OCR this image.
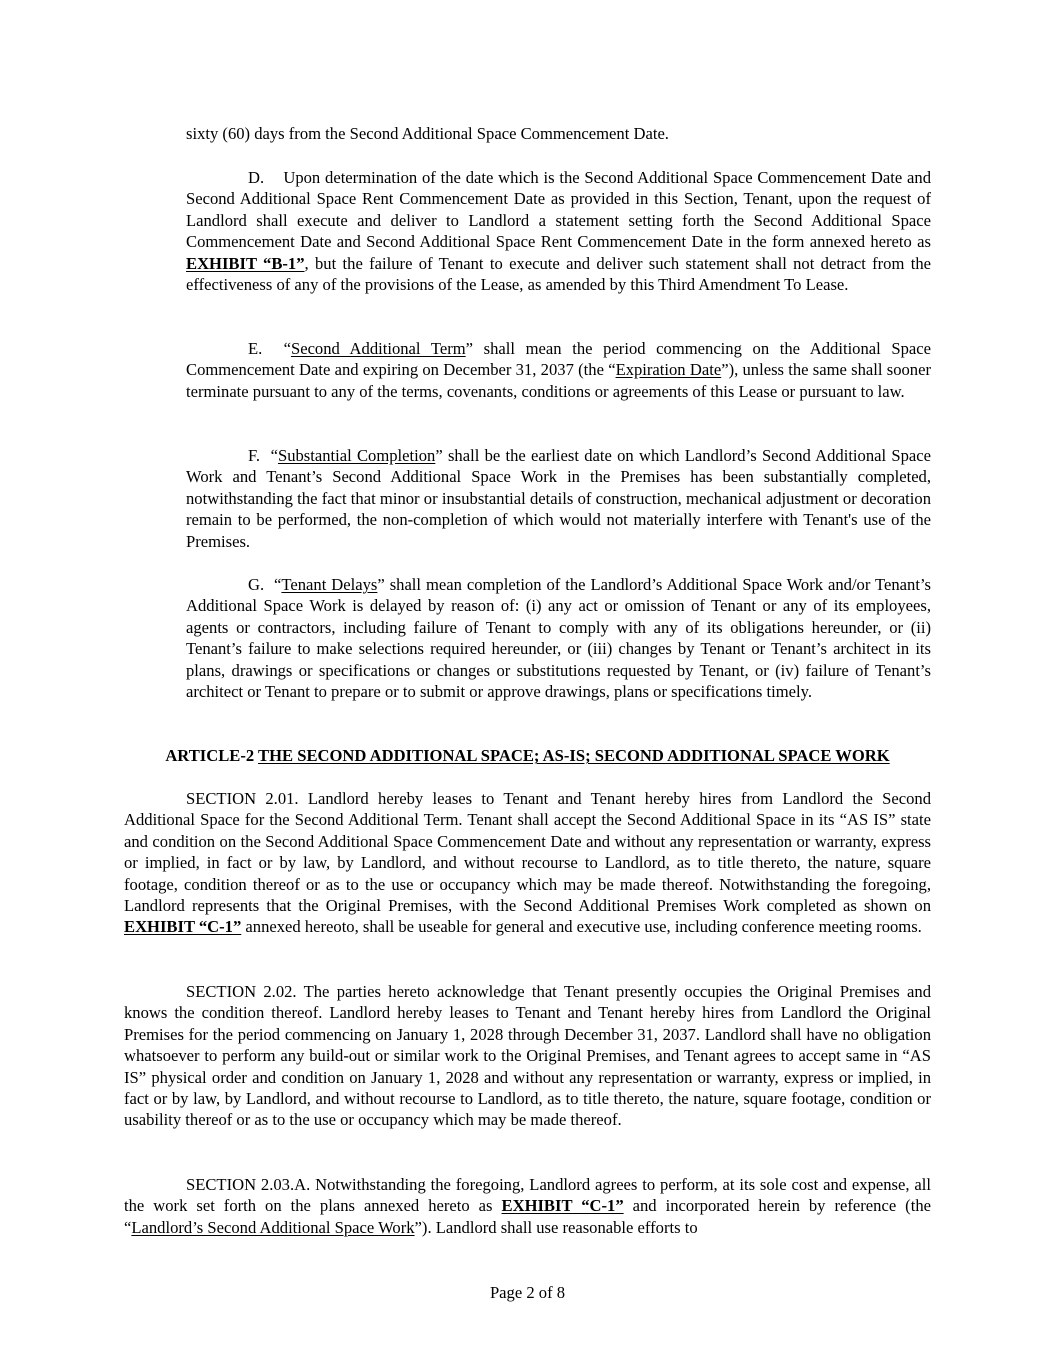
sixty (60) days from the Second Additional Space Commencement Date.
D. Upon determination of the date which is the Second Additional Space Commencement Date and Second Additional Space Rent Commencement Date as provided in this Section, Tenant, upon the request of Landlord shall execute and deliver to Landlord a statement setting forth the Second Additional Space Commencement Date and Second Additional Space Rent Commencement Date in the form annexed hereto as EXHIBIT “B-1”, but the failure of Tenant to execute and deliver such statement shall not detract from the effectiveness of any of the provisions of the Lease, as amended by this Third Amendment To Lease.
E. “Second Additional Term” shall mean the period commencing on the Additional Space Commencement Date and expiring on December 31, 2037 (the “Expiration Date”), unless the same shall sooner terminate pursuant to any of the terms, covenants, conditions or agreements of this Lease or pursuant to law.
F. “Substantial Completion” shall be the earliest date on which Landlord’s Second Additional Space Work and Tenant’s Second Additional Space Work in the Premises has been substantially completed, notwithstanding the fact that minor or insubstantial details of construction, mechanical adjustment or decoration remain to be performed, the non-completion of which would not materially interfere with Tenant's use of the Premises.
G. “Tenant Delays” shall mean completion of the Landlord’s Additional Space Work and/or Tenant’s Additional Space Work is delayed by reason of: (i) any act or omission of Tenant or any of its employees, agents or contractors, including failure of Tenant to comply with any of its obligations hereunder, or (ii) Tenant’s failure to make selections required hereunder, or (iii) changes by Tenant or Tenant’s architect in its plans, drawings or specifications or changes or substitutions requested by Tenant, or (iv) failure of Tenant’s architect or Tenant to prepare or to submit or approve drawings, plans or specifications timely.
ARTICLE-2 THE SECOND ADDITIONAL SPACE; AS-IS; SECOND ADDITIONAL SPACE WORK
SECTION 2.01. Landlord hereby leases to Tenant and Tenant hereby hires from Landlord the Second Additional Space for the Second Additional Term. Tenant shall accept the Second Additional Space in its “AS IS” state and condition on the Second Additional Space Commencement Date and without any representation or warranty, express or implied, in fact or by law, by Landlord, and without recourse to Landlord, as to title thereto, the nature, square footage, condition thereof or as to the use or occupancy which may be made thereof. Notwithstanding the foregoing, Landlord represents that the Original Premises, with the Second Additional Premises Work completed as shown on EXHIBIT “C-1” annexed hereoto, shall be useable for general and executive use, including conference meeting rooms.
SECTION 2.02. The parties hereto acknowledge that Tenant presently occupies the Original Premises and knows the condition thereof. Landlord hereby leases to Tenant and Tenant hereby hires from Landlord the Original Premises for the period commencing on January 1, 2028 through December 31, 2037. Landlord shall have no obligation whatsoever to perform any build-out or similar work to the Original Premises, and Tenant agrees to accept same in “AS IS” physical order and condition on January 1, 2028 and without any representation or warranty, express or implied, in fact or by law, by Landlord, and without recourse to Landlord, as to title thereto, the nature, square footage, condition or usability thereof or as to the use or occupancy which may be made thereof.
SECTION 2.03.A. Notwithstanding the foregoing, Landlord agrees to perform, at its sole cost and expense, all the work set forth on the plans annexed hereto as EXHIBIT “C-1” and incorporated herein by reference (the “Landlord’s Second Additional Space Work”). Landlord shall use reasonable efforts to
Page 2 of 8
